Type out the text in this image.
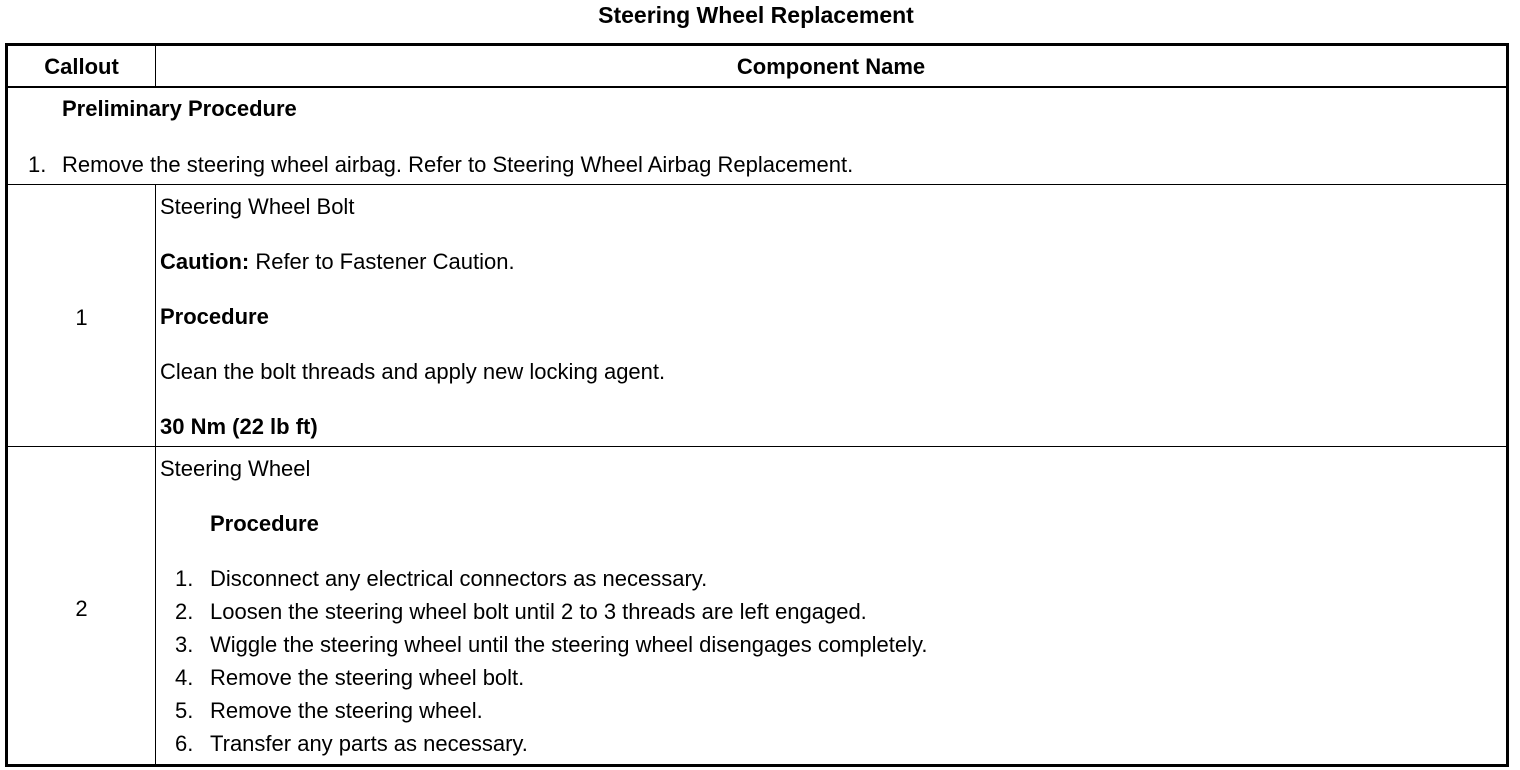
Steering Wheel Replacement
Callout	Component Name
Preliminary Procedure
1. Remove the steering wheel airbag. Refer to Steering Wheel Airbag Replacement.
1
Steering Wheel Bolt
Caution: Refer to Fastener Caution.
Procedure
Clean the bolt threads and apply new locking agent.
30 Nm (22 lb ft)
2
Steering Wheel
Procedure
1. Disconnect any electrical connectors as necessary.
2. Loosen the steering wheel bolt until 2 to 3 threads are left engaged.
3. Wiggle the steering wheel until the steering wheel disengages completely.
4. Remove the steering wheel bolt.
5. Remove the steering wheel.
6. Transfer any parts as necessary.
